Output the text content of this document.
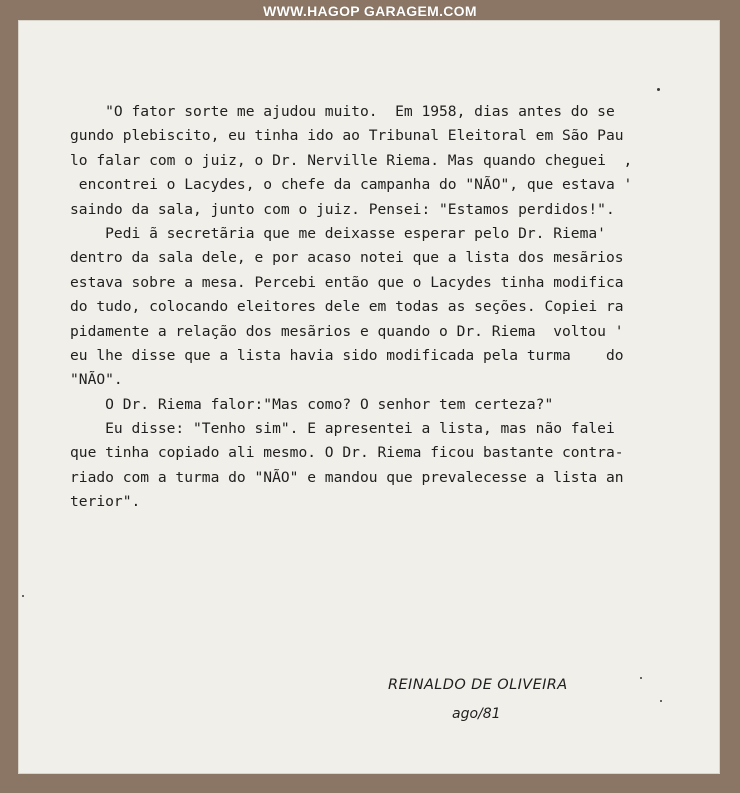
WWW.HAGOP GARAGEM.COM
"O fator sorte me ajudou muito.  Em 1958, dias antes do se
gundo plebiscito, eu tinha ido ao Tribunal Eleitoral em São Pau
lo falar com o juiz, o Dr. Nerville Riema. Mas quando cheguei  ,
encontrei o Lacydes, o chefe da campanha do "NÃO", que estava '
saindo da sala, junto com o juiz. Pensei: "Estamos perdidos!".
Pedi ã secretãria que me deixasse esperar pelo Dr. Riema'
dentro da sala dele, e por acaso notei que a lista dos mesãrios
estava sobre a mesa. Percebi então que o Lacydes tinha modifica
do tudo, colocando eleitores dele em todas as seções. Copiei ra
pidamente a relação dos mesãrios e quando o Dr. Riema  voltou '
eu lhe disse que a lista havia sido modificada pela turma    do
"NÃO".
O Dr. Riema falor:"Mas como? O senhor tem certeza?"
Eu disse: "Tenho sim". E apresentei a lista, mas não falei
que tinha copiado ali mesmo. O Dr. Riema ficou bastante contra-
riado com a turma do "NÃO" e mandou que prevalecesse a lista an
terior".
REINALDO DE OLIVEIRA
ago/81
